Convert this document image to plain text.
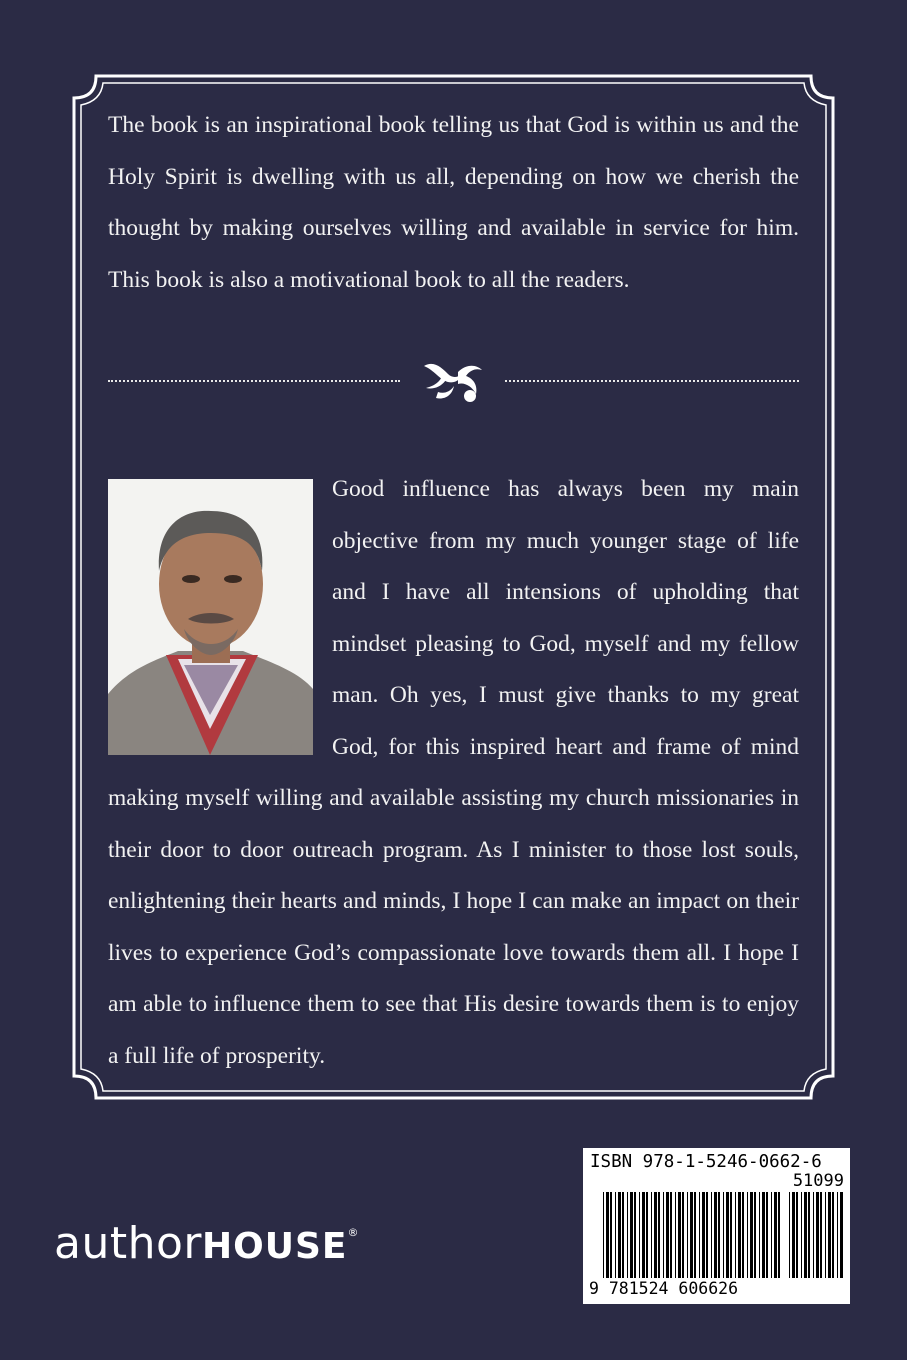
The book is an inspirational book telling us that God is within us and the Holy Spirit is dwelling with us all, depending on how we cherish the thought by making ourselves willing and available in service for him. This book is also a motivational book to all the readers.

Good influence has always been my main objective from my much younger stage of life and I have all intensions of upholding that mindset pleasing to God, myself and my fellow man. Oh yes, I must give thanks to my great God, for this inspired heart and frame of mind making myself willing and available assisting my church missionaries in their door to door outreach program. As I minister to those lost souls, enlightening their hearts and minds, I hope I can make an impact on their lives to experience God’s compassionate love towards them all. I hope I am able to influence them to see that His desire towards them is to enjoy a full life of prosperity.

authorHOUSE®
ISBN 978-1-5246-0662-6
51099
9 781524 606626
